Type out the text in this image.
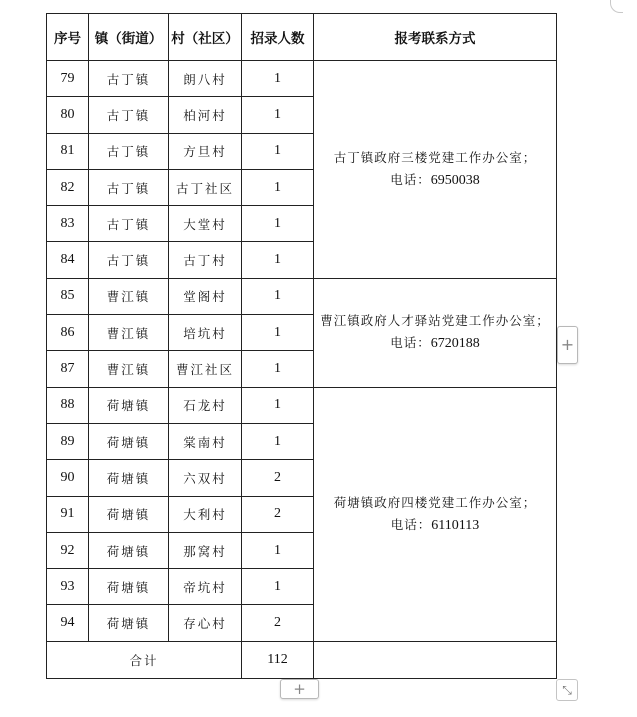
序号	镇（街道）	村（社区）	招录人数	报考联系方式
79	古丁镇	朗八村	1	古丁镇政府三楼党建工作办公室；
电话：6950038
80	古丁镇	柏河村	1	
81	古丁镇	方旦村	1	
82	古丁镇	古丁社区	1	
83	古丁镇	大堂村	1	
84	古丁镇	古丁村	1	
85	曹江镇	堂阁村	1	曹江镇政府人才驿站党建工作办公室；
电话：6720188
86	曹江镇	培坑村	1	
87	曹江镇	曹江社区	1	
88	荷塘镇	石龙村	1	荷塘镇政府四楼党建工作办公室；
电话：6110113
89	荷塘镇	棠南村	1	
90	荷塘镇	六双村	2	
91	荷塘镇	大利村	2	
92	荷塘镇	那窝村	1	
93	荷塘镇	帝坑村	1	
94	荷塘镇	存心村	2	
合计			112	
+
+	⤡
